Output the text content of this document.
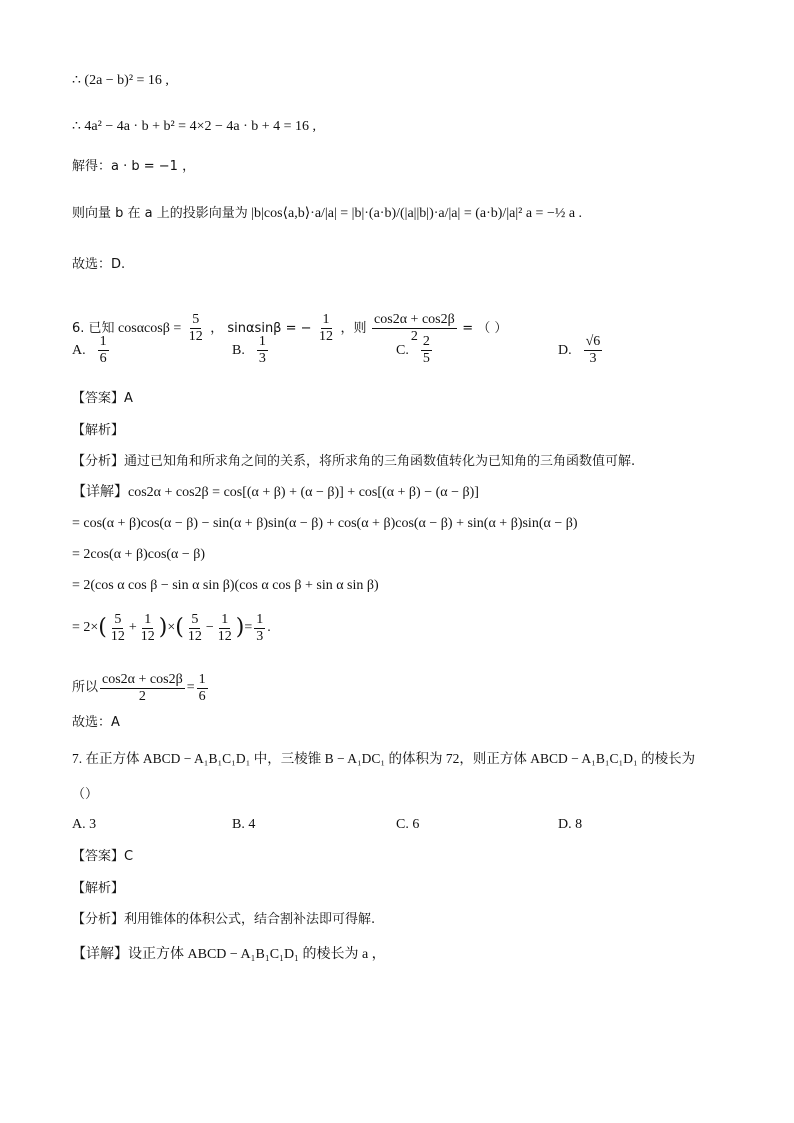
∴ (2a − b)² = 16 ,
∴ 4a² − 4a · b + b² = 4×2 − 4a · b + 4 = 16 ,
解得：a · b = −1 ，
则向量 b 在 a 上的投影向量为 |b|cos⟨a,b⟩·a/|a| = |b|·(a·b)/(|a||b|)·a/|a| = (a·b)/|a|² a = −½ a .
故选：D.
6. 已知 $\cos\alpha\cos\beta = \frac{5}{12}$ ， sinαsinβ = − $\frac{1}{12}$ ，则 $\frac{\cos 2\alpha + \cos 2\beta}{2}$ = （ ）
A. $\frac{1}{6}$	B. $\frac{1}{3}$	C. $\frac{2}{5}$	D. $\frac{√6}{3}$
【答案】A
【解析】
【分析】通过已知角和所求角之间的关系，将所求角的三角函数值转化为已知角的三角函数值可解.
【详解】cos2α + cos2β = cos[(α + β) + (α − β)] + cos[(α + β) − (α − β)]
= cos(α + β)cos(α − β) − sin(α + β)sin(α − β) + cos(α + β)cos(α − β) + sin(α + β)sin(α − β)
= 2cos(α + β)cos(α − β)
= 2(cos α cos β − sin α sin β)(cos α cos β + sin α sin β)
= 2× ( $\frac{5}{12} + \frac{1}{12}$ ) × ( $\frac{5}{12} - \frac{1}{12}$ ) = $\frac{1}{3}$ .
所以 $\frac{\cos 2\alpha + \cos 2\beta}{2} = \frac{1}{6}$
故选：A
7. 在正方体 ABCD − A₁B₁C₁D₁ 中，三棱锥 B − A₁DC₁ 的体积为 72，则正方体 ABCD − A₁B₁C₁D₁ 的棱长为
（）
A. 3	B. 4	C. 6	D. 8
【答案】C
【解析】
【分析】利用锥体的体积公式，结合割补法即可得解.
【详解】设正方体 ABCD − A₁B₁C₁D₁ 的棱长为 a ，
